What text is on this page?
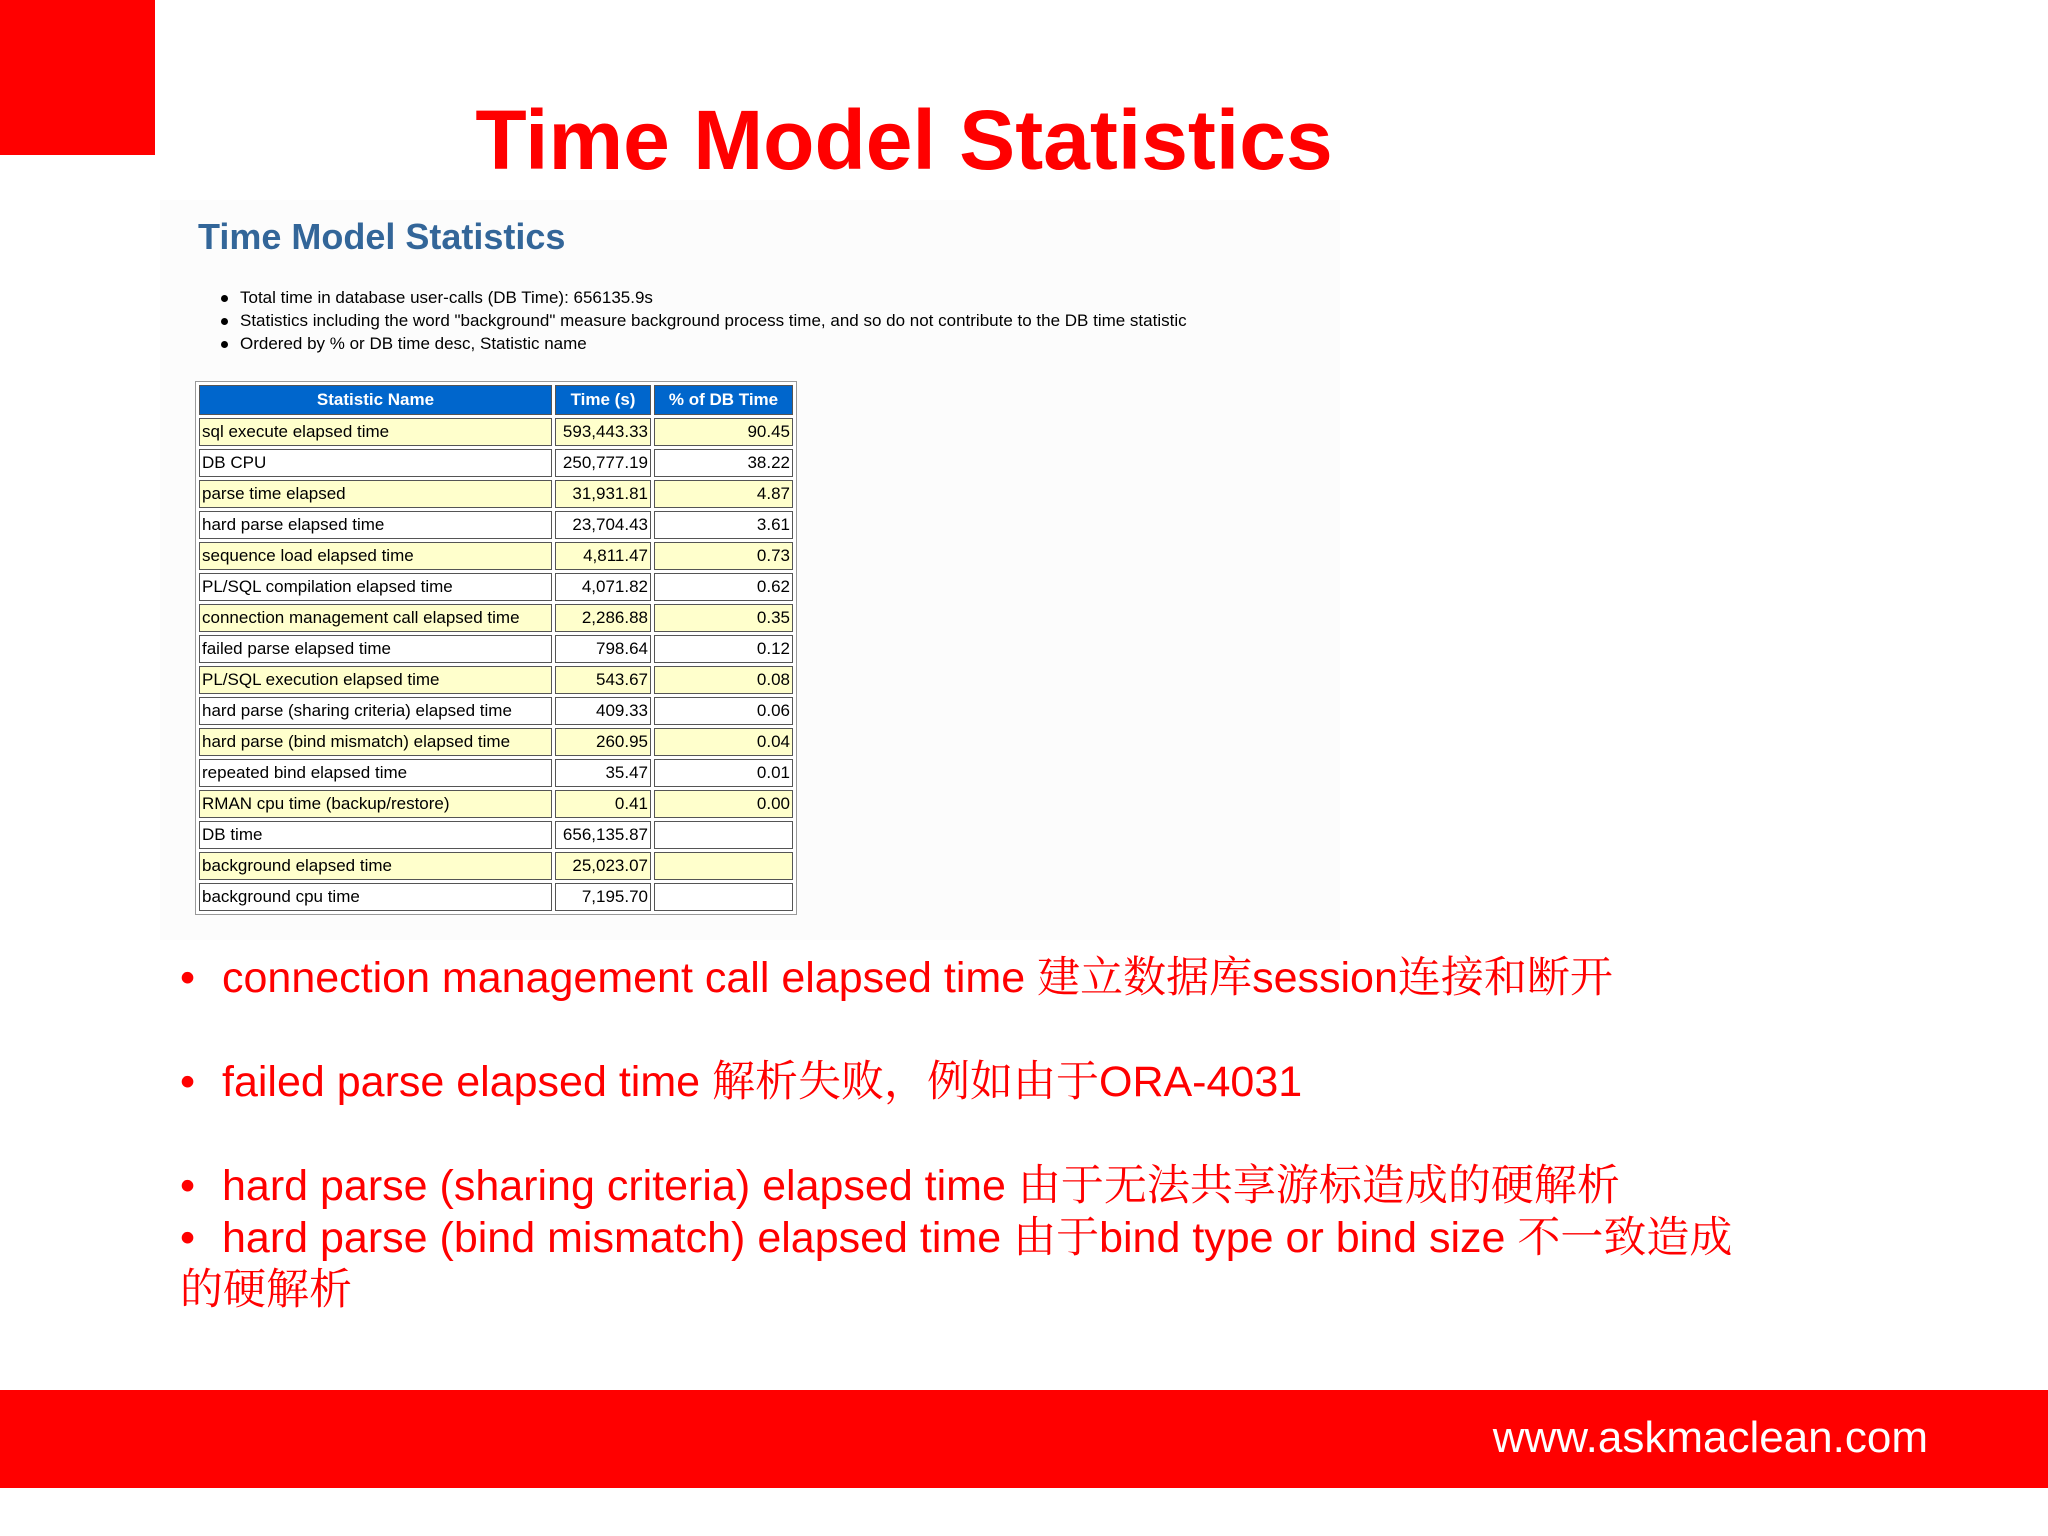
Time Model Statistics
Time Model Statistics
Total time in database user-calls (DB Time): 656135.9s
Statistics including the word "background" measure background process time, and so do not contribute to the DB time statistic
Ordered by % or DB time desc, Statistic name
Statistic Name	Time (s)	% of DB Time
sql execute elapsed time	593,443.33	90.45
DB CPU	250,777.19	38.22
parse time elapsed	31,931.81	4.87
hard parse elapsed time	23,704.43	3.61
sequence load elapsed time	4,811.47	0.73
PL/SQL compilation elapsed time	4,071.82	0.62
connection management call elapsed time	2,286.88	0.35
failed parse elapsed time	798.64	0.12
PL/SQL execution elapsed time	543.67	0.08
hard parse (sharing criteria) elapsed time	409.33	0.06
hard parse (bind mismatch) elapsed time	260.95	0.04
repeated bind elapsed time	35.47	0.01
RMAN cpu time (backup/restore)	0.41	0.00
DB time	656,135.87	
background elapsed time	25,023.07	
background cpu time	7,195.70	
• connection management call elapsed time 建立数据库session连接和断开
• failed parse elapsed time 解析失败，例如由于ORA-4031
• hard parse (sharing criteria) elapsed time 由于无法共享游标造成的硬解析
• hard parse (bind mismatch) elapsed time 由于bind type or bind size 不一致造成的硬解析
www.askmaclean.com
